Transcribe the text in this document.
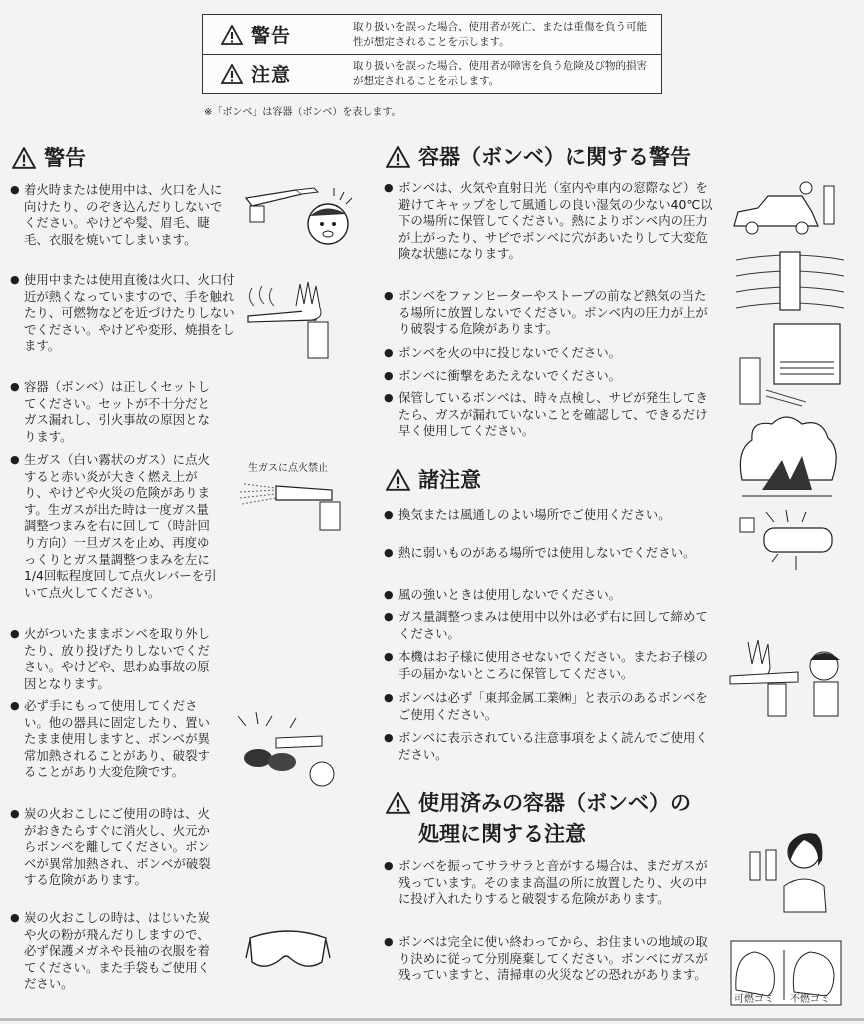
警告	取り扱いを誤った場合、使用者が死亡、または重傷を負う可能性が想定されることを示します。
注意	取り扱いを誤った場合、使用者が障害を負う危険及び物的損害が想定されることを示します。
※「ボンベ」は容器（ボンベ）を表します。
警告
● 着火時または使用中は、火口を人に向けたり、のぞき込んだりしないでください。やけどや髪、眉毛、睫毛、衣服を焼いてしまいます。
● 使用中または使用直後は火口、火口付近が熱くなっていますので、手を触れたり、可燃物などを近づけたりしないでください。やけどや変形、焼損をします。
● 容器（ボンベ）は正しくセットしてください。セットが不十分だとガス漏れし、引火事故の原因となります。
● 生ガス（白い霧状のガス）に点火すると赤い炎が大きく燃え上がり、やけどや火災の危険があります。生ガスが出た時は一度ガス量調整つまみを右に回して（時計回り方向）一旦ガスを止め、再度ゆっくりとガス量調整つまみを左に1/4回転程度回して点火レバーを引いて点火してください。
● 火がついたままボンベを取り外したり、放り投げたりしないでください。やけどや、思わぬ事故の原因となります。
● 必ず手にもって使用してください。他の器具に固定したり、置いたまま使用しますと、ボンベが異常加熱されることがあり、破裂することがあり大変危険です。
● 炭の火おこしにご使用の時は、火がおきたらすぐに消火し、火元からボンベを離してください。ボンベが異常加熱され、ボンベが破裂する危険があります。
● 炭の火おこしの時は、はじいた炭や火の粉が飛んだりしますので、必ず保護メガネや長袖の衣服を着てください。また手袋もご使用ください。
生ガスに点火禁止
容器（ボンベ）に関する警告
● ボンベは、火気や直射日光（室内や車内の窓際など）を避けてキャップをして風通しの良い湿気の少ない40℃以下の場所に保管してください。熱によりボンベ内の圧力が上がったり、サビでボンベに穴があいたりして大変危険な状態になります。
● ボンベをファンヒーターやストーブの前など熱気の当たる場所に放置しないでください。ボンベ内の圧力が上がり破裂する危険があります。
● ボンベを火の中に投じないでください。
● ボンベに衝撃をあたえないでください。
● 保管しているボンベは、時々点検し、サビが発生してきたら、ガスが漏れていないことを確認して、できるだけ早く使用してください。
諸注意
● 換気または風通しのよい場所でご使用ください。
● 熱に弱いものがある場所では使用しないでください。
● 風の強いときは使用しないでください。
● ガス量調整つまみは使用中以外は必ず右に回して締めてください。
● 本機はお子様に使用させないでください。またお子様の手の届かないところに保管してください。
● ボンベは必ず「東邦金属工業㈱」と表示のあるボンベをご使用ください。
● ボンベに表示されている注意事項をよく読んでご使用ください。
使用済みの容器（ボンベ）の
処理に関する注意
● ボンベを振ってサラサラと音がする場合は、まだガスが残っています。そのまま高温の所に放置したり、火の中に投げ入れたりすると破裂する危険があります。
● ボンベは完全に使い終わってから、お住まいの地域の取り決めに従って分別廃棄してください。ボンベにガスが残っていますと、清掃車の火災などの恐れがあります。
可燃ゴミ 不燃ゴミ
